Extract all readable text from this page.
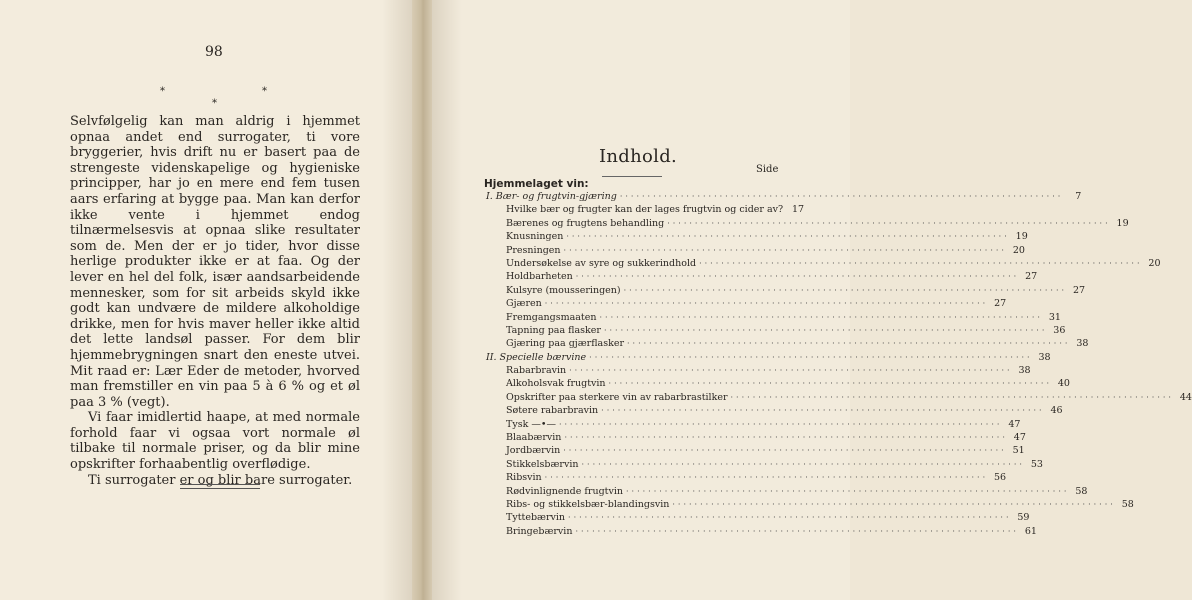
98
*
*
*

Selvfølgelig kan man aldrig i hjemmet opnaa andet end surrogater, ti vore bryggerier, hvis drift nu er basert paa de strengeste videnskapelige og hygieniske principper, har jo en mere end fem tusen aars erfaring at bygge paa. Man kan derfor ikke vente i hjemmet endog tilnærmelsesvis at opnaa slike resultater som de. Men der er jo tider, hvor disse herlige produkter ikke er at faa. Og der lever en hel del folk, især aandsarbeidende mennesker, som for sit arbeids skyld ikke godt kan undvære de mildere alkoholdige drikke, men for hvis maver heller ikke altid det lette landsøl passer. For dem blir hjemmebrygningen snart den eneste utvei. Mit raad er: Lær Eder de metoder, hvorved man fremstiller en vin paa 5 à 6 % og et øl paa 3 % (vegt).

Vi faar imidlertid haape, at med normale forhold faar vi ogsaa vort normale øl tilbake til normale priser, og da blir mine opskrifter forhaabentlig overflødige.

Ti surrogater er og blir bare surrogater.

Indhold.
Side
Hjemmelaget vin:
I. Bær- og frugtvin-gjæring ················································································	7
Hvilke bær og frugter kan der lages frugtvin og cider av? 17
Bærenes og frugtens behandling ················································································ 19
Knusningen ················································································ 19
Presningen ················································································ 20
Undersøkelse av syre og sukkerindhold ················································································ 20
Holdbarheten ················································································ 27
Kulsyre (mousseringen) ················································································ 27
Gjæren ················································································ 27
Fremgangsmaaten ················································································ 31
Tapning paa flasker ················································································ 36
Gjæring paa gjærflasker ················································································ 38
II. Specielle bærvine ················································································ 38
Rabarbravin ················································································ 38
Alkoholsvak frugtvin ················································································ 40
Opskrifter paa sterkere vin av rabarbrastilker ················································································ 44
Søtere rabarbravin ················································································ 46
Tysk —•— ················································································ 47
Blaabærvin ················································································ 47
Jordbærvin ················································································ 51
Stikkelsbærvin ················································································ 53
Ribsvin ················································································ 56
Rødvinlignende frugtvin ················································································ 58
Ribs- og stikkelsbær-blandingsvin ················································································ 58
Tyttebærvin ················································································ 59
Bringebærvin ················································································ 61
